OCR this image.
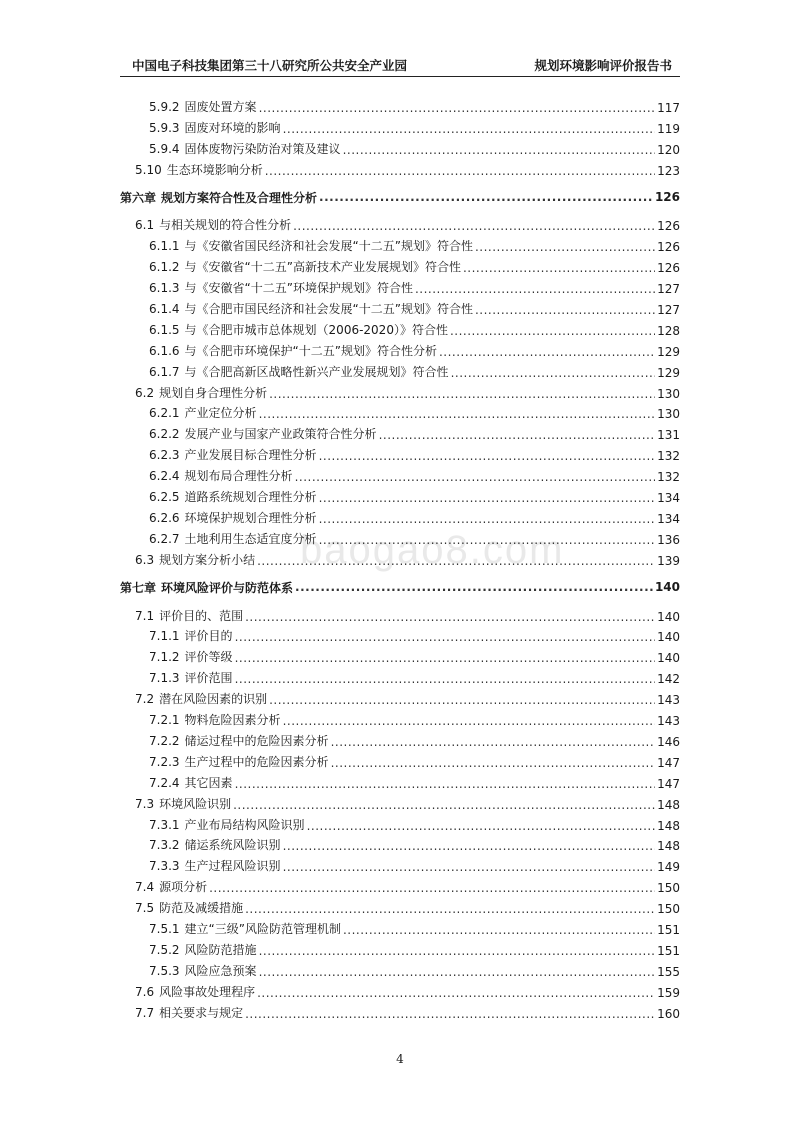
中国电子科技集团第三十八研究所公共安全产业园	规划环境影响评价报告书
baogao8.com
5.9.2 固废处置方案 .....	117
5.9.3 固废对环境的影响 .....	119
5.9.4 固体废物污染防治对策及建议 .....	120
5.10 生态环境影响分析 .....	123
第六章 规划方案符合性及合理性分析 .....	126
6.1 与相关规划的符合性分析 .....	126
6.1.1 与《安徽省国民经济和社会发展“十二五”规划》符合性 .....	126
6.1.2 与《安徽省“十二五”高新技术产业发展规划》符合性 .....	126
6.1.3 与《安徽省“十二五”环境保护规划》符合性 .....	127
6.1.4 与《合肥市国民经济和社会发展“十二五”规划》符合性 .....	127
6.1.5 与《合肥市城市总体规划（2006-2020）》符合性 .....	128
6.1.6 与《合肥市环境保护“十二五”规划》符合性分析 .....	129
6.1.7 与《合肥高新区战略性新兴产业发展规划》符合性 .....	129
6.2 规划自身合理性分析 .....	130
6.2.1 产业定位分析 .....	130
6.2.2 发展产业与国家产业政策符合性分析 .....	131
6.2.3 产业发展目标合理性分析 .....	132
6.2.4 规划布局合理性分析 .....	132
6.2.5 道路系统规划合理性分析 .....	134
6.2.6 环境保护规划合理性分析 .....	134
6.2.7 土地利用生态适宜度分析 .....	136
6.3 规划方案分析小结 .....	139
第七章 环境风险评价与防范体系 .....	140
7.1 评价目的、范围 .....	140
7.1.1 评价目的 .....	140
7.1.2 评价等级 .....	140
7.1.3 评价范围 .....	142
7.2 潜在风险因素的识别 .....	143
7.2.1 物料危险因素分析 .....	143
7.2.2 储运过程中的危险因素分析 .....	146
7.2.3 生产过程中的危险因素分析 .....	147
7.2.4 其它因素 .....	147
7.3 环境风险识别 .....	148
7.3.1 产业布局结构风险识别 .....	148
7.3.2 储运系统风险识别 .....	148
7.3.3 生产过程风险识别 .....	149
7.4 源项分析 .....	150
7.5 防范及减缓措施 .....	150
7.5.1 建立“三级”风险防范管理机制 .....	151
7.5.2 风险防范措施 .....	151
7.5.3 风险应急预案 .....	155
7.6 风险事故处理程序 .....	159
7.7 相关要求与规定 .....	160
4
